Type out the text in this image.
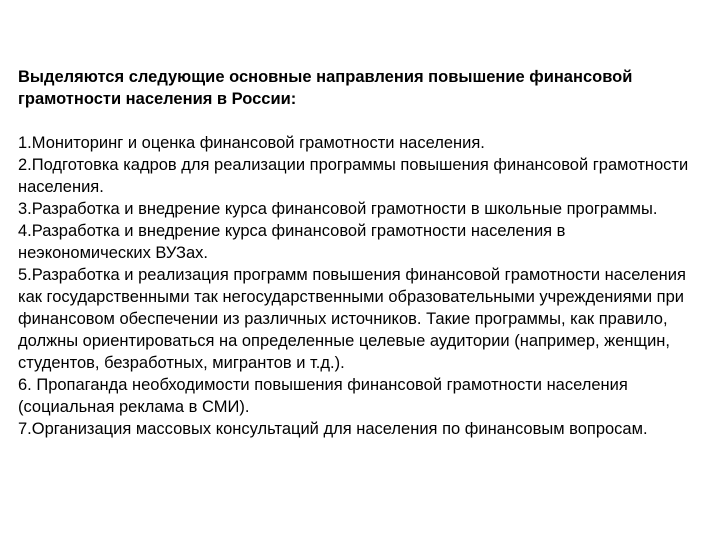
Выделяются следующие основные направления повышение финансовой грамотности населения в России:

1.Мониторинг и оценка финансовой грамотности населения.
2.Подготовка кадров для реализации программы повышения финансовой грамотности населения.
3.Разработка и внедрение курса финансовой грамотности в школьные программы.
4.Разработка и внедрение курса финансовой грамотности населения в неэкономических ВУЗах.
5.Разработка и реализация программ повышения финансовой грамотности населения как государственными так негосударственными образовательными учреждениями при финансовом обеспечении из различных источников. Такие программы, как правило, должны ориентироваться на определенные целевые аудитории (например, женщин, студентов, безработных, мигрантов и т.д.).
6. Пропаганда необходимости повышения финансовой грамотности населения (социальная реклама в СМИ).
7.Организация массовых консультаций для населения по финансовым вопросам.
